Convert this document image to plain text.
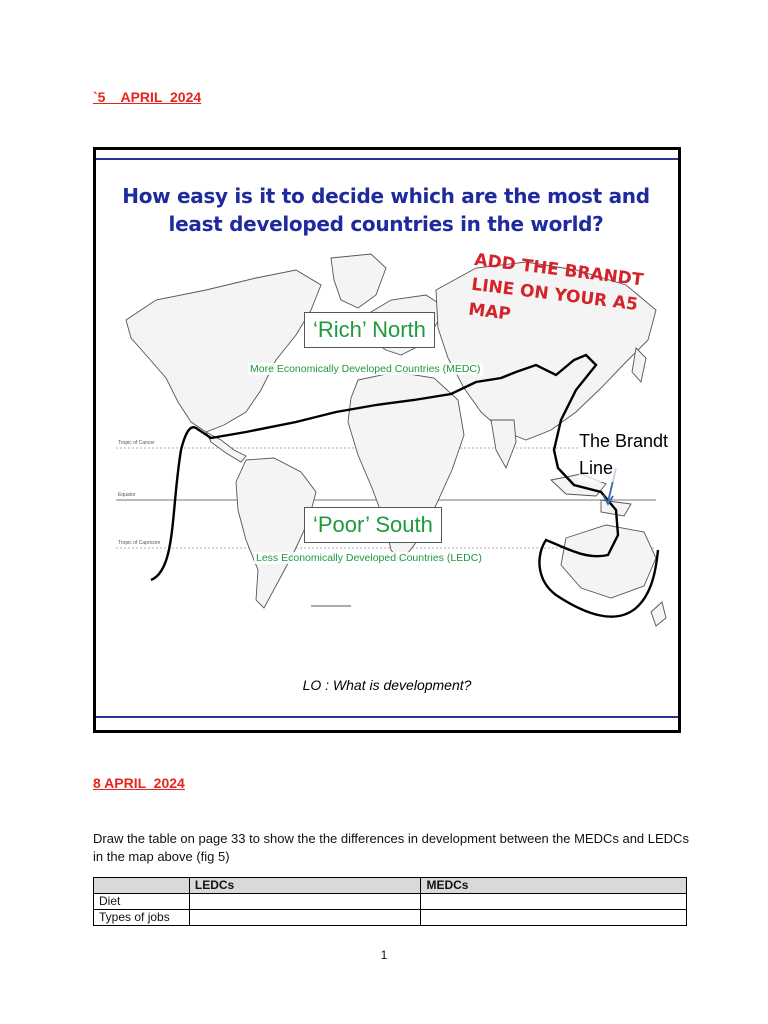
`5    APRIL  2024
How easy is it to decide which are the most and least developed countries in the world?
ADD THE BRANDT LINE ON YOUR A5 MAP
‘Rich’ North
More Economically Developed Countries (MEDC)
‘Poor’ South
Less Economically Developed Countries (LEDC)
The Brandt Line
Tropic of Cancer
Equator
Tropic of Capricorn
LO : What is development?
8 APRIL  2024
Draw the table on page 33 to show the the differences in development between the MEDCs and LEDCs in the map above (fig 5)
	LEDCs	MEDCs
Diet		
Types of jobs		
1
